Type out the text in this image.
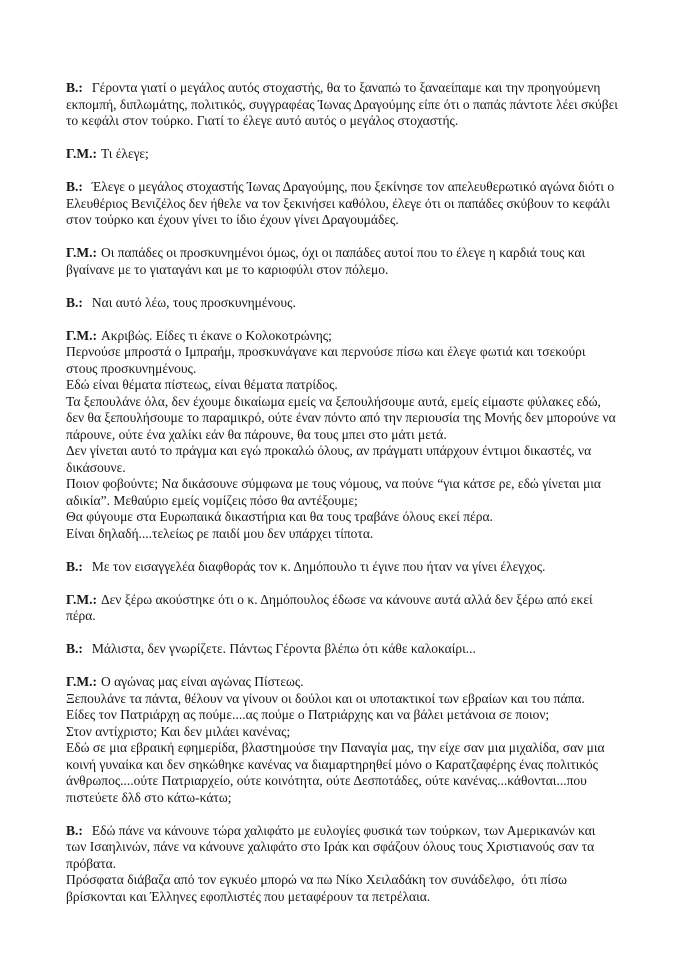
Β.: Γέροντα γιατί ο μεγάλος αυτός στοχαστής, θα το ξαναπώ το ξαναείπαμε και την προηγούμενη εκπομπή, διπλωμάτης, πολιτικός, συγγραφέας Ίωνας Δραγούμης είπε ότι ο παπάς πάντοτε λέει σκύβει το κεφάλι στον τούρκο. Γιατί το έλεγε αυτό αυτός ο μεγάλος στοχαστής.

Γ.Μ.: Τι έλεγε;

Β.: Έλεγε ο μεγάλος στοχαστής Ίωνας Δραγούμης, που ξεκίνησε τον απελευθερωτικό αγώνα διότι ο Ελευθέριος Βενιζέλος δεν ήθελε να τον ξεκινήσει καθόλου, έλεγε ότι οι παπάδες σκύβουν το κεφάλι στον τούρκο και έχουν γίνει το ίδιο έχουν γίνει Δραγουμάδες.

Γ.Μ.: Οι παπάδες οι προσκυνημένοι όμως, όχι οι παπάδες αυτοί που το έλεγε η καρδιά τους και βγαίνανε με το γιαταγάνι και με το καριοφύλι στον πόλεμο.

Β.: Ναι αυτό λέω, τους προσκυνημένους.

Γ.Μ.: Ακριβώς. Είδες τι έκανε ο Κολοκοτρώνης;
Περνούσε μπροστά ο Ιμπραήμ, προσκυνάγανε και περνούσε πίσω και έλεγε φωτιά και τσεκούρι στους προσκυνημένους.
Εδώ είναι θέματα πίστεως, είναι θέματα πατρίδος.
Τα ξεπουλάνε όλα, δεν έχουμε δικαίωμα εμείς να ξεπουλήσουμε αυτά, εμείς είμαστε φύλακες εδώ, δεν θα ξεπουλήσουμε το παραμικρό, ούτε έναν πόντο από την περιουσία της Μονής δεν μπορούνε να πάρουνε, ούτε ένα χαλίκι εάν θα πάρουνε, θα τους μπει στο μάτι μετά.
Δεν γίνεται αυτό το πράγμα και εγώ προκαλώ όλους, αν πράγματι υπάρχουν έντιμοι δικαστές, να δικάσουνε.
Ποιον φοβούντε; Να δικάσουνε σύμφωνα με τους νόμους, να πούνε “για κάτσε ρε, εδώ γίνεται μια αδικία”. Μεθαύριο εμείς νομίζεις πόσο θα αντέξουμε;
Θα φύγουμε στα Ευρωπαικά δικαστήρια και θα τους τραβάνε όλους εκεί πέρα.
Είναι δηλαδή....τελείως ρε παιδί μου δεν υπάρχει τίποτα.

Β.: Με τον εισαγγελέα διαφθοράς τον κ. Δημόπουλο τι έγινε που ήταν να γίνει έλεγχος.

Γ.Μ.: Δεν ξέρω ακούστηκε ότι ο κ. Δημόπουλος έδωσε να κάνουνε αυτά αλλά δεν ξέρω από εκεί πέρα.

Β.: Μάλιστα, δεν γνωρίζετε. Πάντως Γέροντα βλέπω ότι κάθε καλοκαίρι...

Γ.Μ.: Ο αγώνας μας είναι αγώνας Πίστεως.
Ξεπουλάνε τα πάντα, θέλουν να γίνουν οι δούλοι και οι υποτακτικοί των εβραίων και του πάπα.
Είδες τον Πατριάρχη ας πούμε....ας πούμε ο Πατριάρχης και να βάλει μετάνοια σε ποιον;
Στον αντίχριστο; Και δεν μιλάει κανένας;
Εδώ σε μια εβραική εφημερίδα, βλαστημούσε την Παναγία μας, την είχε σαν μια μιχαλίδα, σαν μια κοινή γυναίκα και δεν σηκώθηκε κανένας να διαμαρτηρηθεί μόνο ο Καρατζαφέρης ένας πολιτικός άνθρωπος....ούτε Πατριαρχείο, ούτε κοινότητα, ούτε Δεσποτάδες, ούτε κανένας...κάθονται...που πιστεύετε δλδ στο κάτω-κάτω;

Β.: Εδώ πάνε να κάνουνε τώρα χαλιφάτο με ευλογίες φυσικά των τούρκων, των Αμερικανών και των Ισαηλινών, πάνε να κάνουνε χαλιφάτο στο Ιράκ και σφάζουν όλους τους Χριστιανούς σαν τα πρόβατα.
Πρόσφατα διάβαζα από τον εγκυέο μπορώ να πω Νίκο Χειλαδάκη τον συνάδελφο,  ότι πίσω βρίσκονται και Έλληνες εφοπλιστές που μεταφέρουν τα πετρέλαια.
